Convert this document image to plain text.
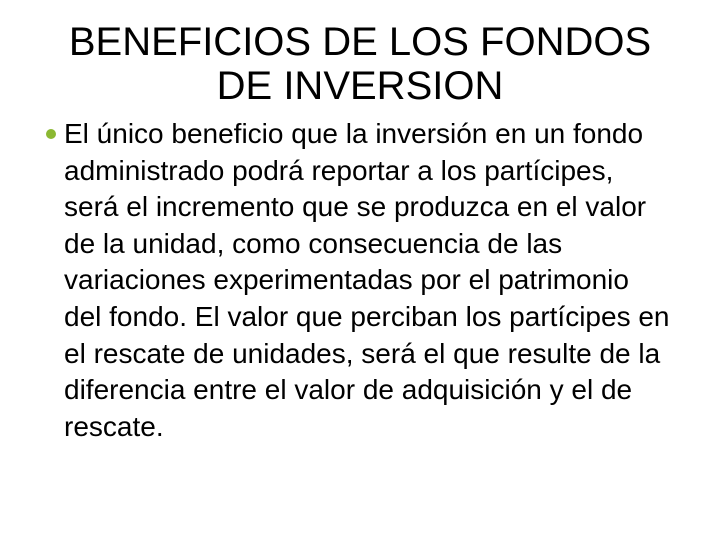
BENEFICIOS DE LOS FONDOS DE INVERSION
El único beneficio que la inversión en un fondo administrado podrá reportar a los partícipes, será el incremento que se produzca en el valor de la unidad, como consecuencia de las variaciones experimentadas por el patrimonio del fondo. El valor que perciban los partícipes en el rescate de unidades, será el que resulte de la diferencia entre el valor de adquisición y el de rescate.
